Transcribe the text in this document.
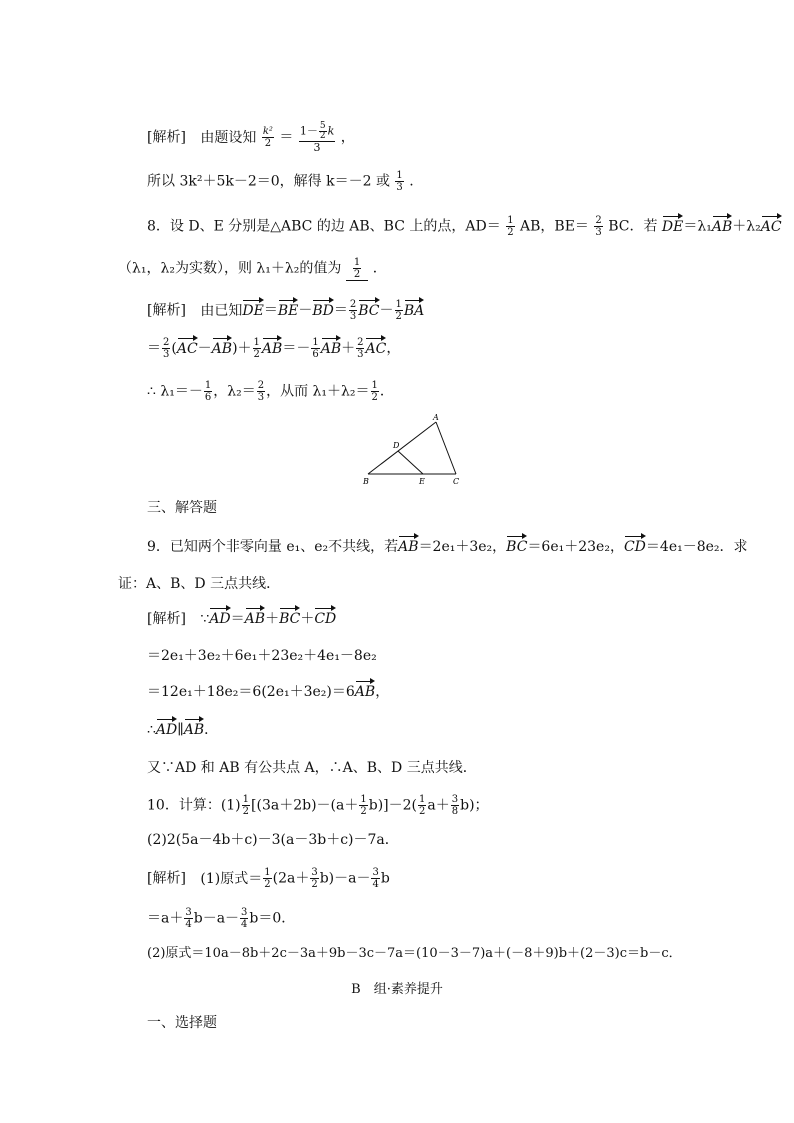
[解析] 由题设知 $\frac{\text{k²}}{2} = \frac{1- \frac{5}{2} k}{3}$ ，
所以 3k²＋5k－2＝0，解得 k＝－2 或 $\frac{1}{3}$ .
8．设 D、E 分别是△ABC 的边 AB、BC 上的点，$AD= \frac{1}{2}$ AB，$BE= \frac{2}{3}$ BC．若 DE＝λ₁AB＋λ₂AC
（λ₁，λ₂为实数），则 λ₁＋λ₂的值为 $\frac{1}{2}$ ．
[解析] 由已知$DE=BE-BD= \frac{2}{3} BC- \frac{1}{2}$ BA
＝ $\frac{2}{3} (AC-AB)+ \frac{1}{2} AB=- \frac{1}{6} AB+ \frac{2}{3}$ AC，
∴ $\lambda_1=- \frac{1}{6}$ ，$\lambda_2= \frac{2}{3}$ ，从而 $\lambda_1+\lambda_2= \frac{1}{2}$ ．
A
B	C
D
E
三、解答题
9．已知两个非零向量 e₁、e₂不共线，若AB＝2e₁＋3e₂，BC＝6e₁＋23e₂，CD＝4e₁－8e₂．求
证：A、B、D 三点共线．
[解析] ∵AD＝AB＋BC＋CD
＝2e₁＋3e₂＋6e₁＋23e₂＋4e₁－8e₂
＝12e₁＋18e₂＝6(2e₁＋3e₂)＝6AB，
∴AD∥AB．
又∵AD 和 AB 有公共点 A，∴A、B、D 三点共线．
10．计算：$(1) \frac{1}{2} [(3a+2b)-(a+ \frac{1}{2} b)]-2( \frac{1}{2} a+ \frac{3}{8} b)$；
(2)2(5a－4b＋c)－3(a－3b＋c)－7a．
[解析] (1)原式＝ $\frac{1}{2} (2a+ \frac{3}{2} b)-a- \frac{3}{4}$ b
$=a+ \frac{3}{4} b-a- \frac{3}{4} b=0$．
(2)原式＝10a－8b＋2c－3a＋9b－3c－7a＝(10－3－7)a＋(－8＋9)b＋(2－3)c＝b－c．
B　组·素养提升
一、选择题
